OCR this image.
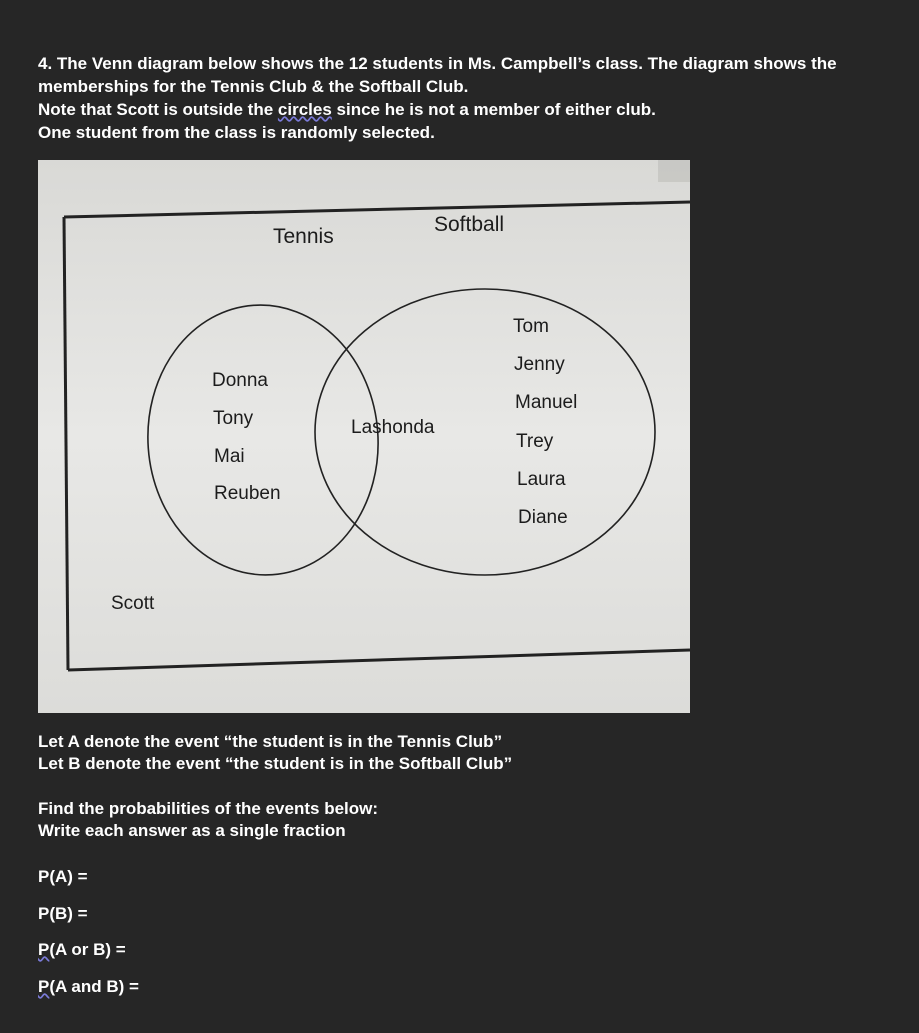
4. The Venn diagram below shows the 12 students in Ms. Campbell’s class. The diagram shows the
memberships for the Tennis Club & the Softball Club.
Note that Scott is outside the circles since he is not a member of either club.
One student from the class is randomly selected.
Tennis
Softball
Donna
Tony
Mai
Reuben
Lashonda
Tom
Jenny
Manuel
Trey
Laura
Diane
Scott
Let A denote the event “the student is in the Tennis Club”
Let B denote the event “the student is in the Softball Club”
Find the probabilities of the events below:
Write each answer as a single fraction
P(A) =
P(B) =
P(A or B) =
P(A and B) =
